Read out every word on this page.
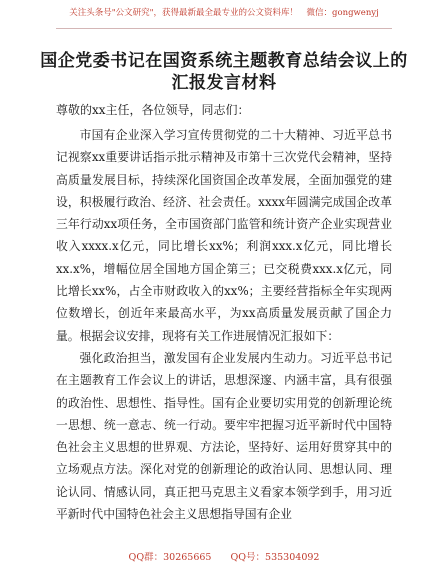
关注头条号"公文研究"，获得最新最全最专业的公文资料库！　微信：gongwenyj
国企党委书记在国资系统主题教育总结会议上的汇报发言材料
尊敬的xx主任，各位领导，同志们：

市国有企业深入学习宣传贯彻党的二十大精神、习近平总书记视察xx重要讲话指示批示精神及市第十三次党代会精神，坚持高质量发展目标，持续深化国资国企改革发展，全面加强党的建设，积极履行政治、经济、社会责任。xxxx年圆满完成国企改革三年行动xx项任务，全市国资部门监管和统计资产企业实现营业收入xxxx.x亿元，同比增长xx%；利润xxx.x亿元，同比增长xx.x%，增幅位居全国地方国企第三；已交税费xxx.x亿元，同比增长xx%，占全市财政收入的xx%；主要经营指标全年实现两位数增长，创近年来最高水平，为xx高质量发展贡献了国企力量。根据会议安排，现将有关工作进展情况汇报如下：

强化政治担当，激发国有企业发展内生动力。习近平总书记在主题教育工作会议上的讲话，思想深邃、内涵丰富，具有很强的政治性、思想性、指导性。国有企业要切实用党的创新理论统一思想、统一意志、统一行动。要牢牢把握习近平新时代中国特色社会主义思想的世界观、方法论，坚持好、运用好贯穿其中的立场观点方法。深化对党的创新理论的政治认同、思想认同、理论认同、情感认同，真正把马克思主义看家本领学到手，用习近平新时代中国特色社会主义思想指导国有企业

QQ群：30265665　　QQ号：535304092
